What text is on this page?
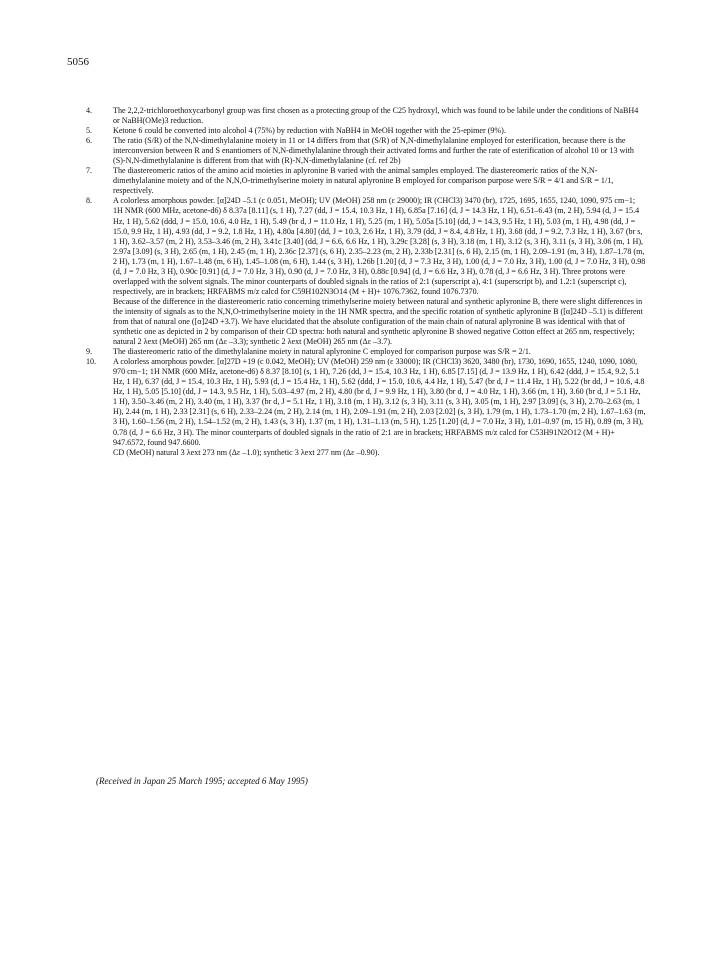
5056
4.	The 2,2,2-trichloroethoxycarbonyl group was first chosen as a protecting group of the C25 hydroxyl, which was found to be labile under the conditions of NaBH4 or NaBH(OMe)3 reduction.
5.	Ketone 6 could be converted into alcohol 4 (75%) by reduction with NaBH4 in MeOH together with the 25-epimer (9%).
6.	The ratio (S/R) of the N,N-dimethylalanine moiety in 11 or 14 differs from that (S/R) of N,N-dimethylalanine employed for esterification, because there is the interconversion between R and S enantiomers of N,N-dimethylalanine through their activated forms and further the rate of esterification of alcohol 10 or 13 with (S)-N,N-dimethylalanine is different from that with (R)-N,N-dimethylalanine (cf. ref 2b)
7.	The diastereomeric ratios of the amino acid moieties in aplyronine B varied with the animal samples employed. The diastereomeric ratios of the N,N-dimethylalanine moiety and of the N,N,O-trimethylserine moiety in natural aplyronine B employed for comparison purpose were S/R = 4/1 and S/R = 1/1, respectively.
8.	A colorless amorphous powder. [α]24D –5.1 (c 0.051, MeOH); UV (MeOH) 258 nm (ε 29000); IR (CHCl3) 3470 (br), 1725, 1695, 1655, 1240, 1090, 975 cm−1; 1H NMR (600 MHz, acetone-d6) δ 8.37a [8.11] (s, 1 H), 7.27 (dd, J = 15.4, 10.3 Hz, 1 H), 6.85a [7.16] (d, J = 14.3 Hz, 1 H), 6.51–6.43 (m, 2 H), 5.94 (d, J = 15.4 Hz, 1 H), 5.62 (ddd, J = 15.0, 10.6, 4.0 Hz, 1 H), 5.49 (br d, J = 11.0 Hz, 1 H), 5.25 (m, 1 H), 5.05a [5.10] (dd, J = 14.3, 9.5 Hz, 1 H), 5.03 (m, 1 H), 4.98 (dd, J = 15.0, 9.9 Hz, 1 H), 4.93 (dd, J = 9.2, 1.8 Hz, 1 H), 4.80a [4.80] (dd, J = 10.3, 2.6 Hz, 1 H), 3.79 (dd, J = 8.4, 4.8 Hz, 1 H), 3.68 (dd, J = 9.2, 7.3 Hz, 1 H), 3.67 (br s, 1 H), 3.62–3.57 (m, 2 H), 3.53–3.46 (m, 2 H), 3.41c [3.40] (dd, J = 6.6, 6.6 Hz, 1 H), 3.29c [3.28] (s, 3 H), 3.18 (m, 1 H), 3.12 (s, 3 H), 3.11 (s, 3 H), 3.06 (m, 1 H), 2.97a [3.09] (s, 3 H), 2.65 (m, 1 H), 2.45 (m, 1 H), 2.36c [2.37] (s, 6 H), 2.35–2.23 (m, 2 H), 2.33b [2.31] (s, 6 H), 2.15 (m, 1 H), 2.09–1.91 (m, 3 H), 1.87–1.78 (m, 2 H), 1.73 (m, 1 H), 1.67–1.48 (m, 6 H), 1.45–1.08 (m, 6 H), 1.44 (s, 3 H), 1.26b [1.20] (d, J = 7.3 Hz, 3 H), 1.00 (d, J = 7.0 Hz, 3 H), 1.00 (d, J = 7.0 Hz, 3 H), 0.98 (d, J = 7.0 Hz, 3 H), 0.90c [0.91] (d, J = 7.0 Hz, 3 H), 0.90 (d, J = 7.0 Hz, 3 H), 0.88c [0.94] (d, J = 6.6 Hz, 3 H), 0.78 (d, J = 6.6 Hz, 3 H). Three protons were overlapped with the solvent signals. The minor counterparts of doubled signals in the ratios of 2:1 (superscript a), 4:1 (superscript b), and 1.2:1 (superscript c), respectively, are in brackets; HRFABMS m/z calcd for C59H102N3O14 (M + H)+ 1076.7362, found 1076.7370.
Because of the difference in the diastereomeric ratio concerning trimethylserine moiety between natural and synthetic aplyronine B, there were slight differences in the intensity of signals as to the N,N,O-trimethylserine moiety in the 1H NMR spectra, and the specific rotation of synthetic aplyronine B ([α]24D –5.1) is different from that of natural one ([α]24D +3.7). We have elucidated that the absolute configuration of the main chain of natural aplyronine B was identical with that of synthetic one as depicted in 2 by comparison of their CD spectra: both natural and synthetic aplyronine B showed negative Cotton effect at 265 nm, respectively; natural 2 λext (MeOH) 265 nm (Δε –3.3); synthetic 2 λext (MeOH) 265 nm (Δε –3.7).
9.	The diastereomeric ratio of the dimethylalanine moiety in natural aplyronine C employed for comparison purpose was S/R = 2/1.
10.	A colorless amorphous powder. [α]27D +19 (c 0.042, MeOH); UV (MeOH) 259 nm (ε 33000); IR (CHCl3) 3620, 3480 (br), 1730, 1690, 1655, 1240, 1090, 1080, 970 cm−1; 1H NMR (600 MHz, acetone-d6) δ 8.37 [8.10] (s, 1 H), 7.26 (dd, J = 15.4, 10.3 Hz, 1 H), 6.85 [7.15] (d, J = 13.9 Hz, 1 H), 6.42 (ddd, J = 15.4, 9.2, 5.1 Hz, 1 H), 6.37 (dd, J = 15.4, 10.3 Hz, 1 H), 5.93 (d, J = 15.4 Hz, 1 H), 5.62 (ddd, J = 15.0, 10.6, 4.4 Hz, 1 H), 5.47 (br d, J = 11.4 Hz, 1 H), 5.22 (br dd, J = 10.6, 4.8 Hz, 1 H), 5.05 [5.10] (dd, J = 14.3, 9.5 Hz, 1 H), 5.03–4.97 (m, 2 H), 4.80 (br d, J = 9.9 Hz, 1 H), 3.80 (br d, J = 4.0 Hz, 1 H), 3.66 (m, 1 H), 3.60 (br d, J = 5.1 Hz, 1 H), 3.50–3.46 (m, 2 H), 3.40 (m, 1 H), 3.37 (br d, J = 5.1 Hz, 1 H), 3.18 (m, 1 H), 3.12 (s, 3 H), 3.11 (s, 3 H), 3.05 (m, 1 H), 2.97 [3.09] (s, 3 H), 2.70–2.63 (m, 1 H), 2.44 (m, 1 H), 2.33 [2.31] (s, 6 H), 2.33–2.24 (m, 2 H), 2.14 (m, 1 H), 2.09–1.91 (m, 2 H), 2.03 [2.02] (s, 3 H), 1.79 (m, 1 H), 1.73–1.70 (m, 2 H), 1.67–1.63 (m, 3 H), 1.60–1.56 (m, 2 H), 1.54–1.52 (m, 2 H), 1.43 (s, 3 H), 1.37 (m, 1 H), 1.31–1.13 (m, 5 H), 1.25 [1.20] (d, J = 7.0 Hz, 3 H), 1.01–0.97 (m, 15 H), 0.89 (m, 3 H), 0.78 (d, J = 6.6 Hz, 3 H). The minor counterparts of doubled signals in the ratio of 2:1 are in brackets; HRFABMS m/z calcd for C53H91N2O12 (M + H)+ 947.6572, found 947.6600.
CD (MeOH) natural 3 λext 273 nm (Δε –1.0); synthetic 3 λext 277 nm (Δε –0.90).
(Received in Japan 25 March 1995; accepted 6 May 1995)
